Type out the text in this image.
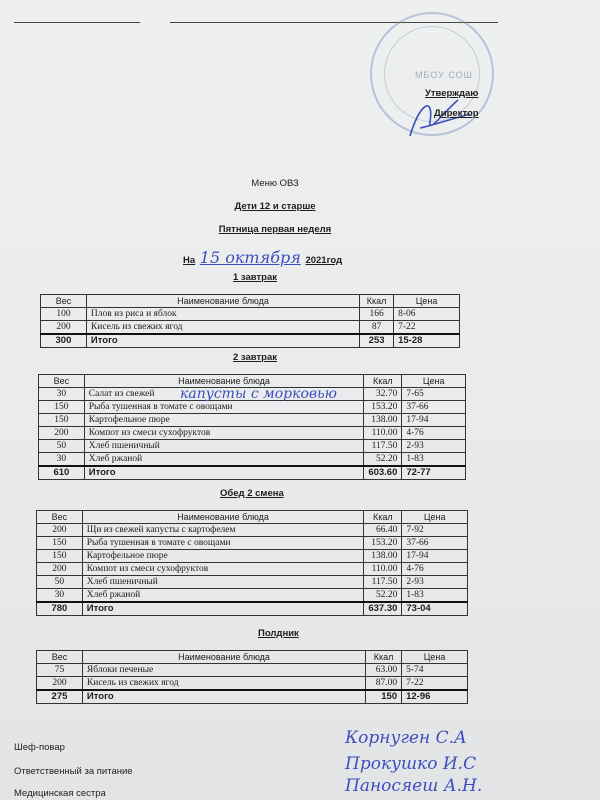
МБОУ СОШ
Утверждаю
Директор
Меню ОВЗ
Дети 12 и старше
Пятница первая неделя
На 15 октября 2021год
1 завтрак
Вес	Наименование блюда	Ккал	Цена
100	Плов из риса и яблок	166	8-06
200	Кисель из свежих ягод	87	7-22
300	Итого	253	15-28
2 завтрак
Вес	Наименование блюда	Ккал	Цена
30	Салат из свежей	32.70	7-65
150	Рыба тушенная в томате с овощами	153.20	37-66
150	Картофельное пюре	138.00	17-94
200	Компот из смеси сухофруктов	110.00	4-76
50	Хлеб пшеничный	117.50	2-93
30	Хлеб ржаной	52.20	1-83
610	Итого	603.60	72-77
капусты с морковью
Обед 2 смена
Вес	Наименование блюда	Ккал	Цена
200	Щи из свежей капусты с картофелем	66.40	7-92
150	Рыба тушенная в томате с овощами	153.20	37-66
150	Картофельное пюре	138.00	17-94
200	Компот из смеси сухофруктов	110.00	4-76
50	Хлеб пшеничный	117.50	2-93
30	Хлеб ржаной	52.20	1-83
780	Итого	637.30	73-04
Полдник
Вес	Наименование блюда	Ккал	Цена
75	Яблоки печеные	63.00	5-74
200	Кисель из свежих ягод	87.00	7-22
275	Итого	150	12-96
Шеф-повар	Корнуген С.А
Ответственный за питание	Прокушко И.С
Медицинская сестра	Паносяеш А.Н.
